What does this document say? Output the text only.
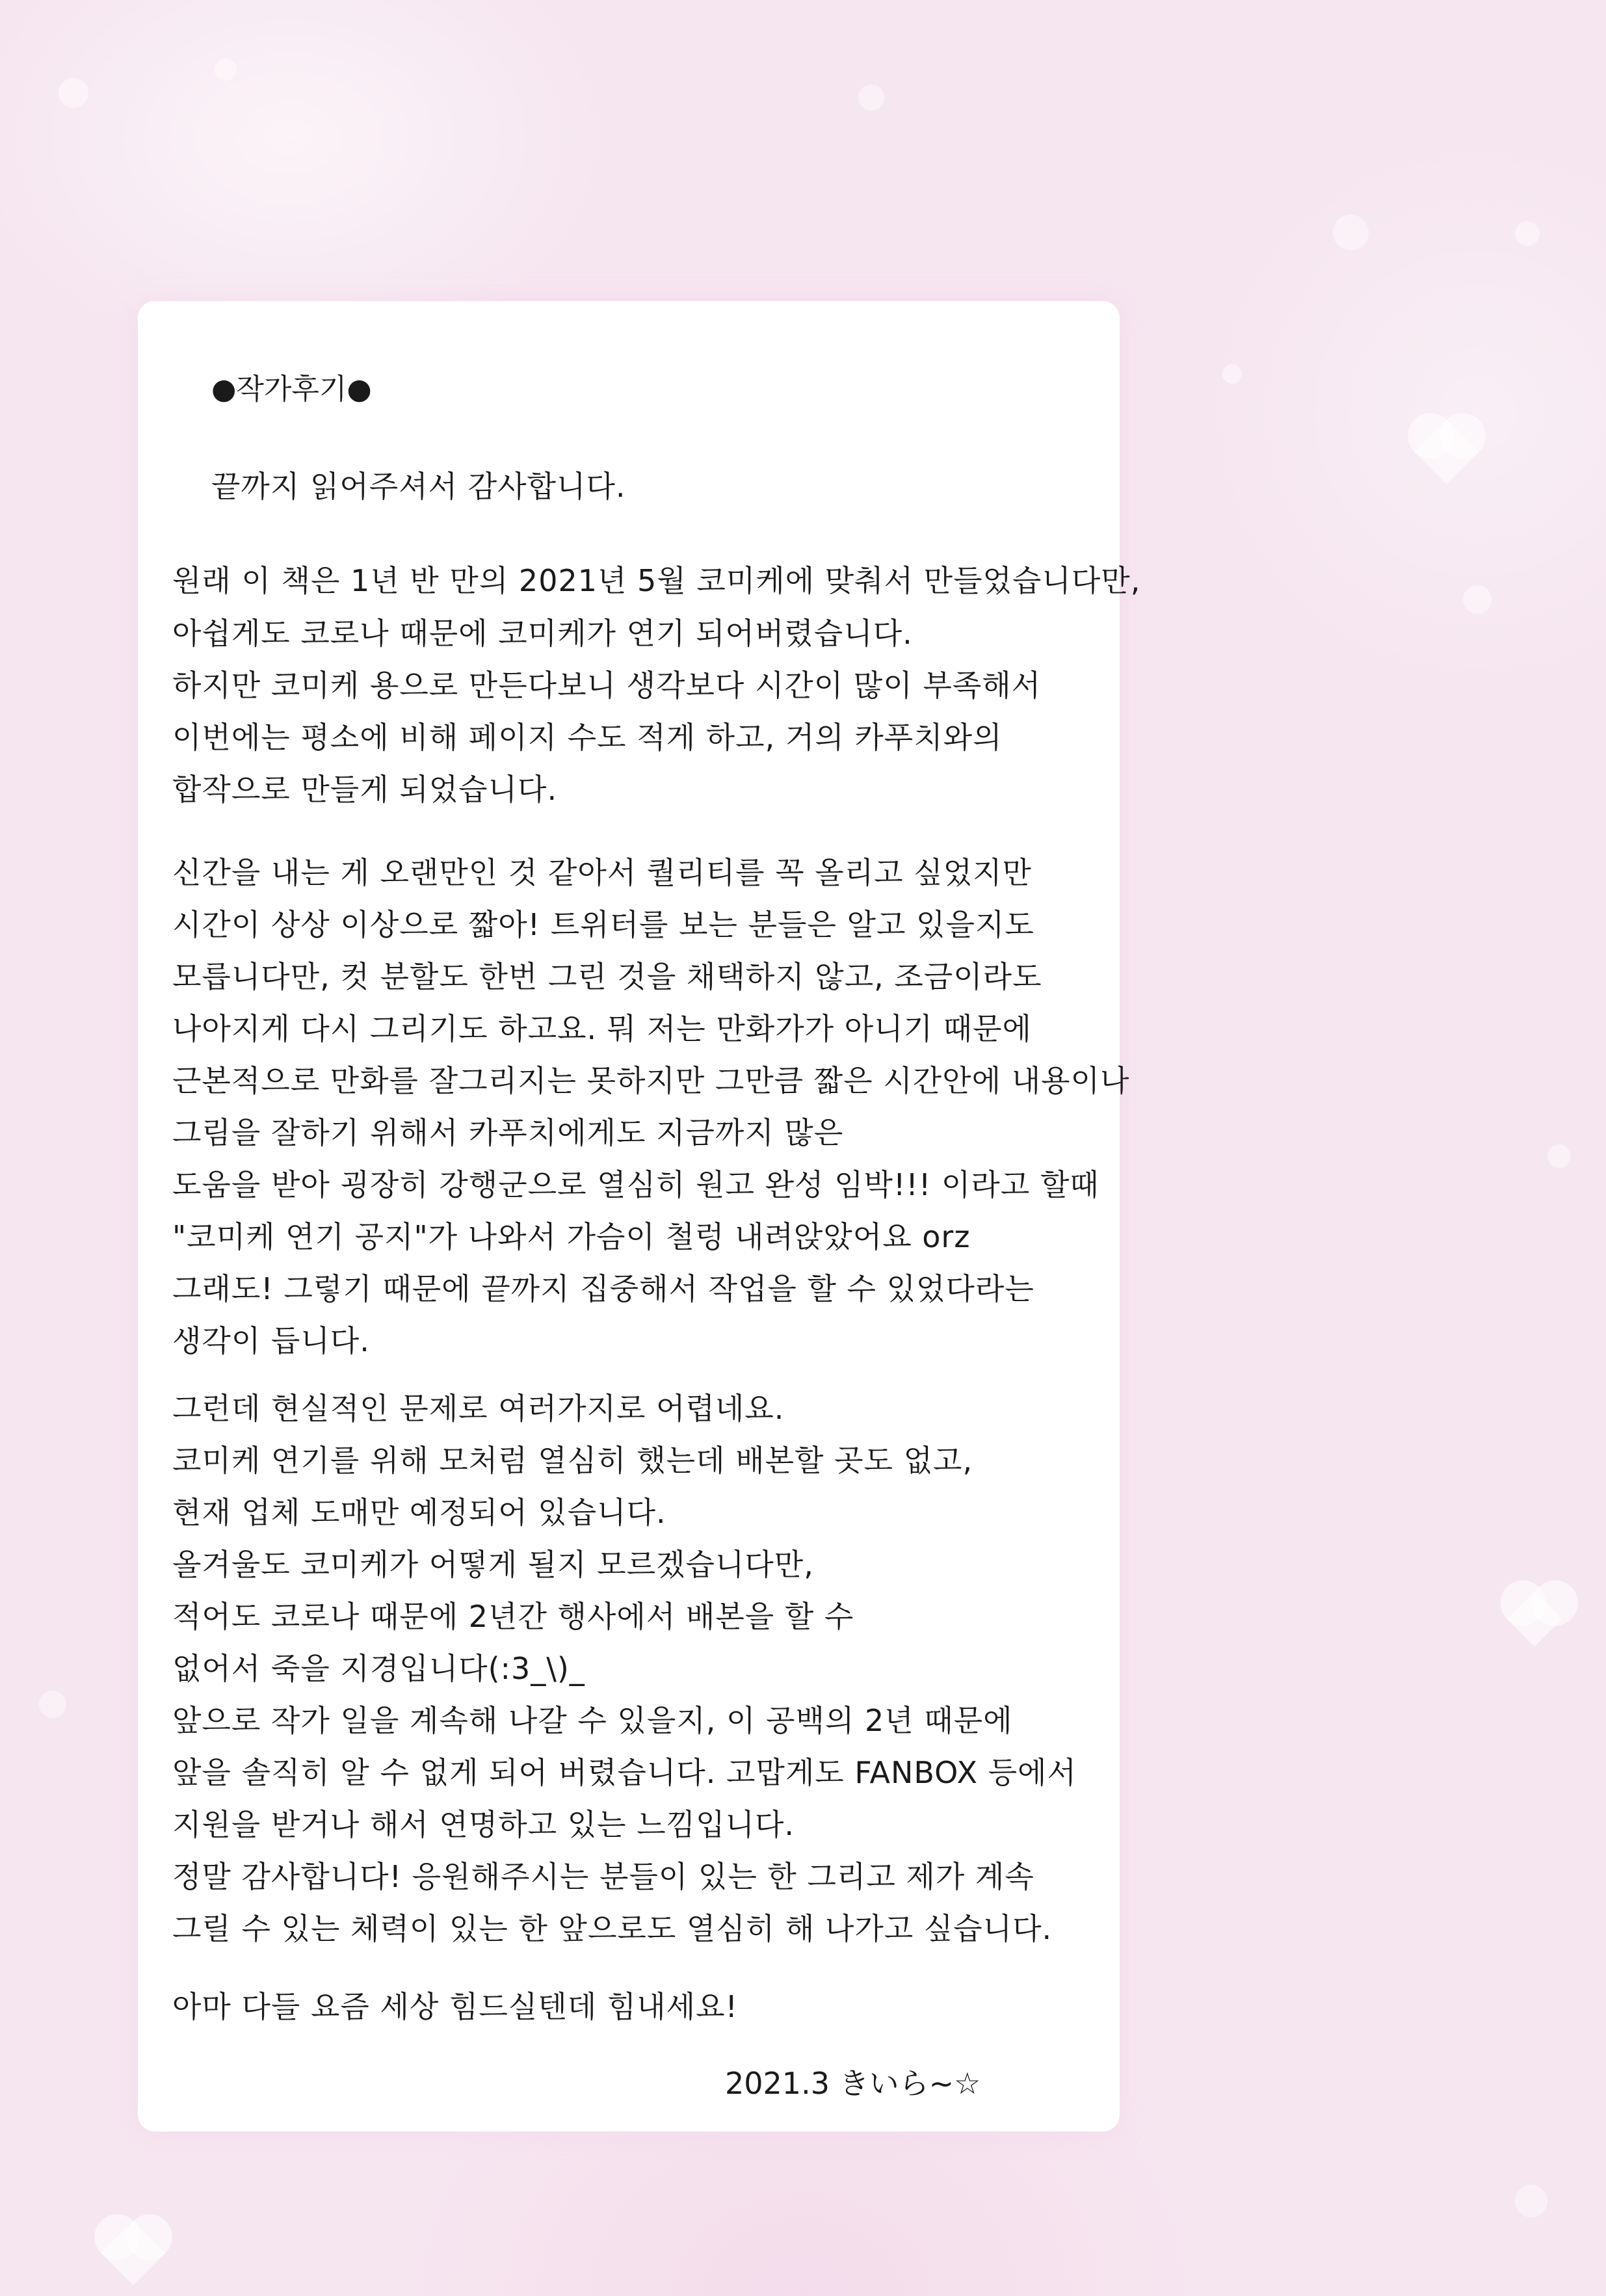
●작가후기●
끝까지 읽어주셔서 감사합니다.
원래 이 책은 1년 반 만의 2021년 5월 코미케에 맞춰서 만들었습니다만,
아쉽게도 코로나 때문에 코미케가 연기 되어버렸습니다.
하지만 코미케 용으로 만든다보니 생각보다 시간이 많이 부족해서
이번에는 평소에 비해 페이지 수도 적게 하고, 거의 카푸치와의
합작으로 만들게 되었습니다.
신간을 내는 게 오랜만인 것 같아서 퀄리티를 꼭 올리고 싶었지만
시간이 상상 이상으로 짧아! 트위터를 보는 분들은 알고 있을지도
모릅니다만, 컷 분할도 한번 그린 것을 채택하지 않고, 조금이라도
나아지게 다시 그리기도 하고요. 뭐 저는 만화가가 아니기 때문에
근본적으로 만화를 잘그리지는 못하지만 그만큼 짧은 시간안에 내용이나
그림을 잘하기 위해서 카푸치에게도 지금까지 많은
도움을 받아 굉장히 강행군으로 열심히 원고 완성 임박!!! 이라고 할때
"코미케 연기 공지"가 나와서 가슴이 철렁 내려앉았어요 orz
그래도! 그렇기 때문에 끝까지 집중해서 작업을 할 수 있었다라는
생각이 듭니다.
그런데 현실적인 문제로 여러가지로 어렵네요.
코미케 연기를 위해 모처럼 열심히 했는데 배본할 곳도 없고,
현재 업체 도매만 예정되어 있습니다.
올겨울도 코미케가 어떻게 될지 모르겠습니다만,
적어도 코로나 때문에 2년간 행사에서 배본을 할 수
없어서 죽을 지경입니다(:3_\)_
앞으로 작가 일을 계속해 나갈 수 있을지, 이 공백의 2년 때문에
앞을 솔직히 알 수 없게 되어 버렸습니다. 고맙게도 FANBOX 등에서
지원을 받거나 해서 연명하고 있는 느낌입니다.
정말 감사합니다! 응원해주시는 분들이 있는 한 그리고 제가 계속
그릴 수 있는 체력이 있는 한 앞으로도 열심히 해 나가고 싶습니다.
아마 다들 요즘 세상 힘드실텐데 힘내세요!
2021.3 きいら~☆
